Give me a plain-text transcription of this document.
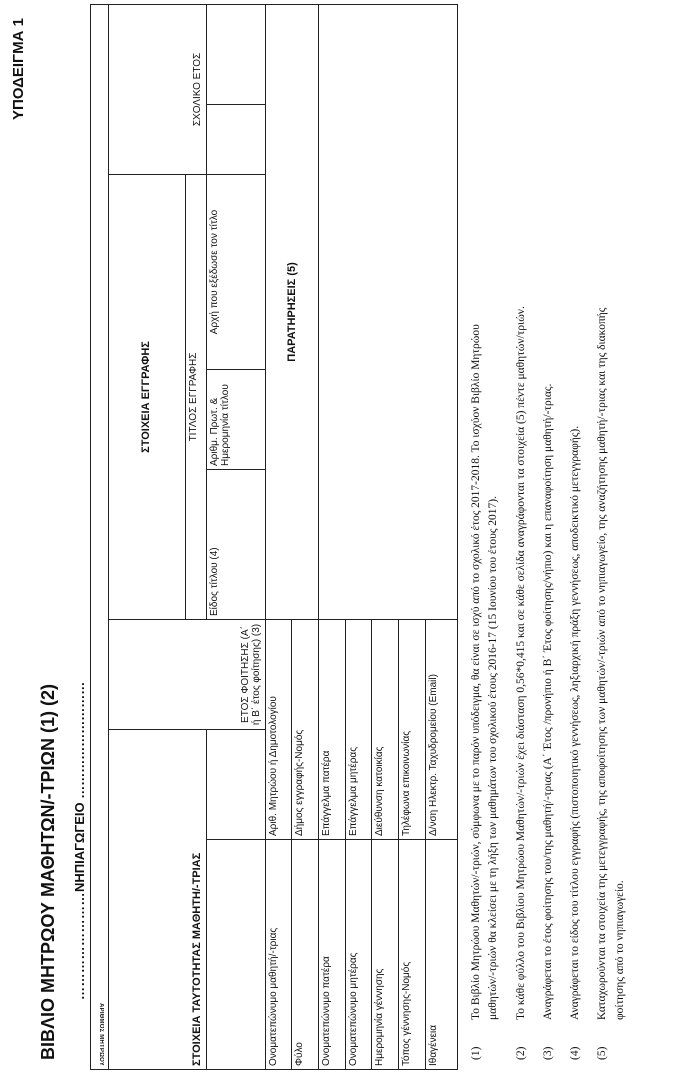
ΥΠΟΔΕΙΓΜΑ 1
ΒΙΒΛΙΟ ΜΗΤΡΩΟΥ ΜΑΘΗΤΩΝ/-ΤΡΙΩΝ (1) (2) ……………………ΝΗΠΙΑΓΩΓΕΙΟ ………………………
ΑΡΙΘΜΟΣ ΜΗΤΡΩΟΥ							
ΣΤΟΙΧΕΙΑ ΤΑΥΤΟΤΗΤΑΣ ΜΑΘΗΤΗ/-ΤΡΙΑΣ		ΕΤΟΣ ΦΟΙΤΗΣΗΣ (Α΄ ή Β΄ έτος φοίτησης) (3)	ΣΤΟΙΧΕΙΑ ΕΓΓΡΑΦΗΣ			ΣΧΟΛΙΚΟ ΕΤΟΣ	
			ΤΙΤΛΟΣ ΕΓΓΡΑΦΗΣ				
			Είδος τίτλου (4)	Αριθμ. Πρωτ. & Ημερομηνία τίτλου	Αρχή που εξέδωσε τον τίτλο		
Ονοματεπώνυμο μαθητή/-τριας	Αριθ. Μητρώου ή Δημοτολογίου		ΠΑΡΑΤΗΡΗΣΕΙΣ (5)				
Φύλο	Δήμος εγγραφής-Νομός						
Ονοματεπώνυμο πατέρα	Επάγγελμα πατέρα						
Ονοματεπώνυμο μητέρας	Επάγγελμα μητέρας						
Ημερομηνία γέννησης	Διεύθυνση κατοικίας						
Τόπος γέννησης-Νομός	Τηλέφωνα επικοινωνίας						
Ιθαγένεια	Δ/νση Ηλεκτρ. Ταχυδρομείου (Email)						
(1)
Το Βιβλίο Μητρώου Μαθητών/-τριών, σύμφωνα με το παρόν υπόδειγμα, θα είναι σε ισχύ από το σχολικό έτος 2017-2018. Το ισχύον Βιβλίο Μητρώου μαθητών/-τριών θα κλείσει με τη λήξη των μαθημάτων του σχολικού έτους 2016-17 (15 Ιουνίου του έτους 2017).
(2)
Το κάθε φύλλο του Βιβλίου Μητρώου Μαθητών/-τριών έχει διάσταση 0,56*0,415 και σε κάθε σελίδα αναγράφονται τα στοιχεία (5) πέντε μαθητών/τριών.
(3)
Αναγράφεται το έτος φοίτησης του/της μαθητή/-τριας (Α΄ Έτος /προνήπιο ή Β΄ Έτος φοίτησης/νήπιο) και η επαναφοίτηση μαθητή/-τριας.
(4)
Αναγράφεται το είδος του τίτλου εγγραφής (πιστοποιητικό γεννήσεως, ληξιαρχική πράξη γεννήσεως, αποδεικτικό μετεγγραφής).
(5)
Καταχωρούνται τα στοιχεία της μετεγγραφής, της αποφοίτησης των μαθητών/-τριών από το νηπιαγωγείο, της αναζήτησης μαθητή/-τριας και της διακοπής φοίτησης από το νηπιαγωγείο.
